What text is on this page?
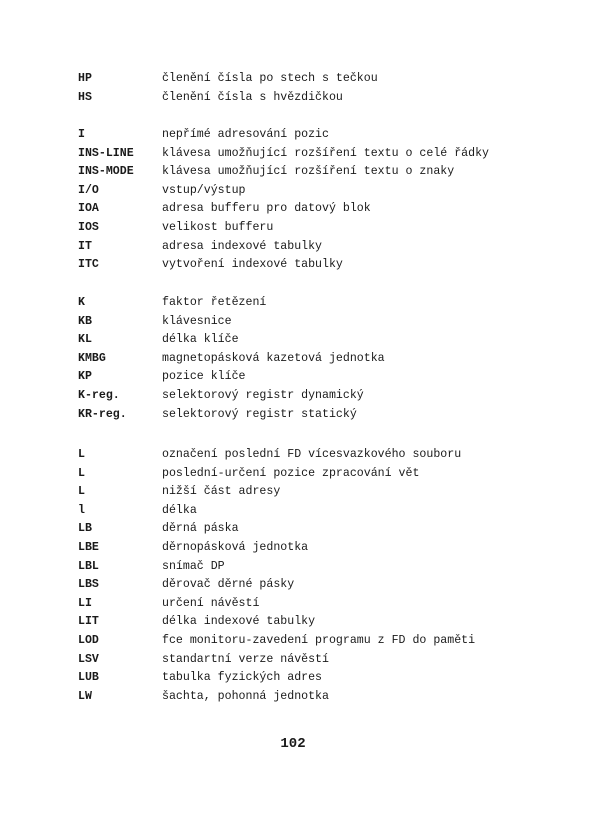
HP	členění čísla po stech s tečkou
HS	členění čísla s hvězdičkou
I	nepřímé adresování pozic
INS-LINE klávesa umožňující rozšíření textu o celé řádky
INS-MODE klávesa umožňující rozšíření textu o znaky
I/O	vstup/výstup
IOA	adresa bufferu pro datový blok
IOS	velikost bufferu
IT	adresa indexové tabulky
ITC	vytvoření indexové tabulky
K	faktor řetězení
KB	klávesnice
KL	délka klíče
KMBG	magnetopásková kazetová jednotka
KP	pozice klíče
K-reg.	selektorový registr dynamický
KR-reg.	selektorový registr statický
L	označení poslední FD vícesvazkového souboru
L	poslední-určení pozice zpracování vět
L	nižší část adresy
l	délka
LB	děrná páska
LBE	děrnopásková jednotka
LBL	snímač DP
LBS	děrovač děrné pásky
LI	určení návěstí
LIT	délka indexové tabulky
LOD	fce monitoru-zavedení programu z FD do paměti
LSV	standartní verze návěstí
LUB	tabulka fyzických adres
LW	šachta, pohonná jednotka
102
